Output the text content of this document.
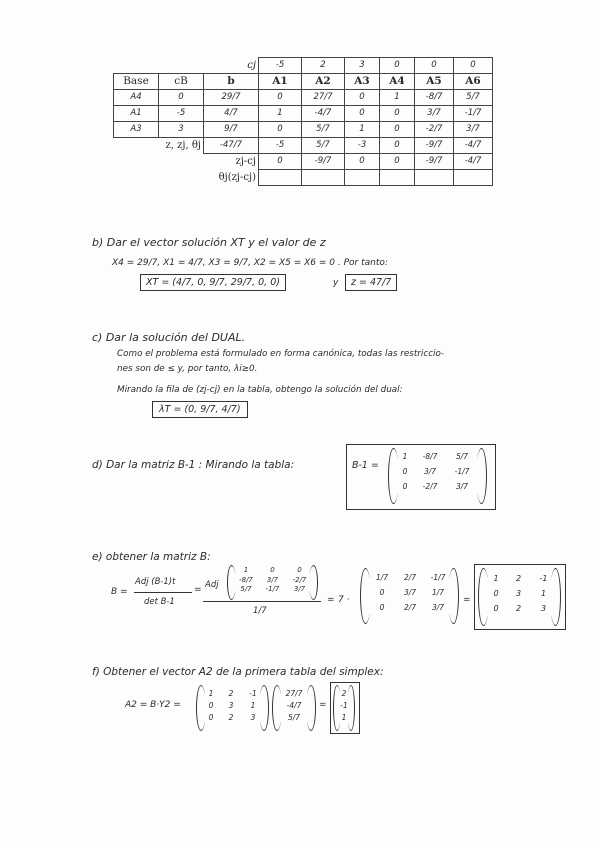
		cj	-5	2	3	0	0	0
Base	cB	b	A1	A2	A3	A4	A5	A6
A4	0	29/7	0	27/7	0	1	-8/7	5/7
A1	-5	4/7	1	-4/7	0	0	3/7	-1/7
A3	3	9/7	0	5/7	1	0	-2/7	3/7
z, zj, θj		-47/7	-5	5/7	-3	0	-9/7	-4/7
zj-cj			0	-9/7	0	0	-9/7	-4/7
θj(zj-cj)								
b) Dar el vector solución XT y el valor de z
X4 = 29/7, X1 = 4/7, X3 = 9/7, X2 = X5 = X6 = 0 . Por tanto:
XT = (4/7, 0, 9/7, 29/7, 0, 0)	y	z = 47/7
c) Dar la solución del DUAL.
Como el problema está formulado en forma canónica, todas las restriccio-
nes son de ≤ y, por tanto, λi≥0.
Mirando la fila de (zj-cj) en la tabla, obtengo la solución del dual:
λT = (0, 9/7, 4/7)
d) Dar la matriz B-1 : Mirando la tabla:	B-1 =
1	-8/7	5/7
0	3/7	-1/7
0	-2/7	3/7
e) obtener la matriz B:
B =
Adj (B-1)t
det B-1
= Adj
1	0	0
-8/7	3/7	-2/7
5/7	-1/7	3/7
1/7
= 7 ·
1/7	2/7	-1/7
0	3/7	1/7
0	2/7	3/7
=
1	2	-1
0	3	1
0	2	3
f) Obtener el vector A2 de la primera tabla del simplex:
A2 = B·Y2 =
1	2	-1
0	3	1
0	2	3
27/7
-4/7
5/7
=
2
-1
1
